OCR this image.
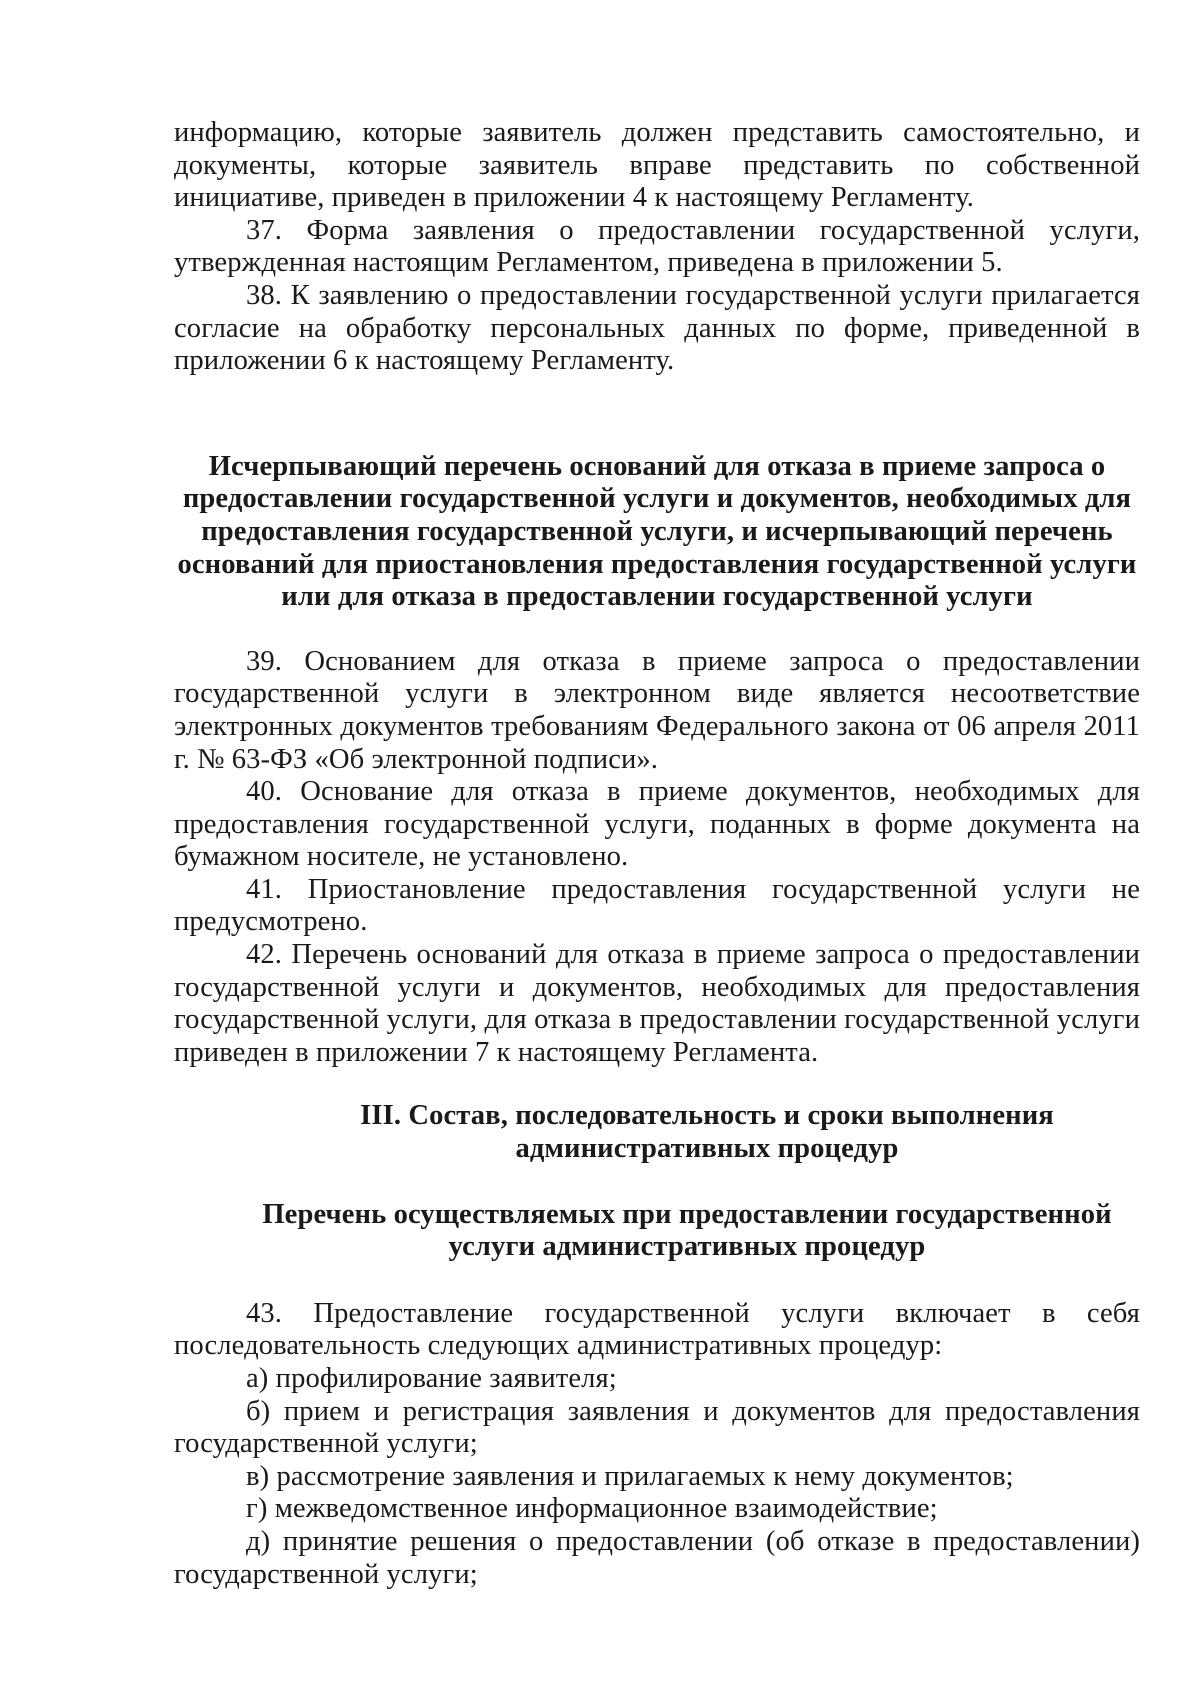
информацию, которые заявитель должен представить самостоятельно, и документы, которые заявитель вправе представить по собственной инициативе, приведен в приложении 4 к настоящему Регламенту.

37. Форма заявления о предоставлении государственной услуги, утвержденная настоящим Регламентом, приведена в приложении 5.

38. К заявлению о предоставлении государственной услуги прилагается согласие на обработку персональных данных по форме, приведенной в приложении 6 к настоящему Регламенту.

Исчерпывающий перечень оснований для отказа в приеме запроса о предоставлении государственной услуги и документов, необходимых для предоставления государственной услуги, и исчерпывающий перечень оснований для приостановления предоставления государственной услуги или для отказа в предоставлении государственной услуги

39. Основанием для отказа в приеме запроса о предоставлении государственной услуги в электронном виде является несоответствие электронных документов требованиям Федерального закона от 06 апреля 2011 г. № 63-ФЗ «Об электронной подписи».

40. Основание для отказа в приеме документов, необходимых для предоставления государственной услуги, поданных в форме документа на бумажном носителе, не установлено.

41. Приостановление предоставления государственной услуги не предусмотрено.

42. Перечень оснований для отказа в приеме запроса о предоставлении государственной услуги и документов, необходимых для предоставления государственной услуги, для отказа в предоставлении государственной услуги приведен в приложении 7 к настоящему Регламента.

III. Состав, последовательность и сроки выполнения административных процедур

Перечень осуществляемых при предоставлении государственной услуги административных процедур

43. Предоставление государственной услуги включает в себя последовательность следующих административных процедур:

а) профилирование заявителя;

б) прием и регистрация заявления и документов для предоставления государственной услуги;

в) рассмотрение заявления и прилагаемых к нему документов;

г) межведомственное информационное взаимодействие;

д) принятие решения о предоставлении (об отказе в предоставлении) государственной услуги;
